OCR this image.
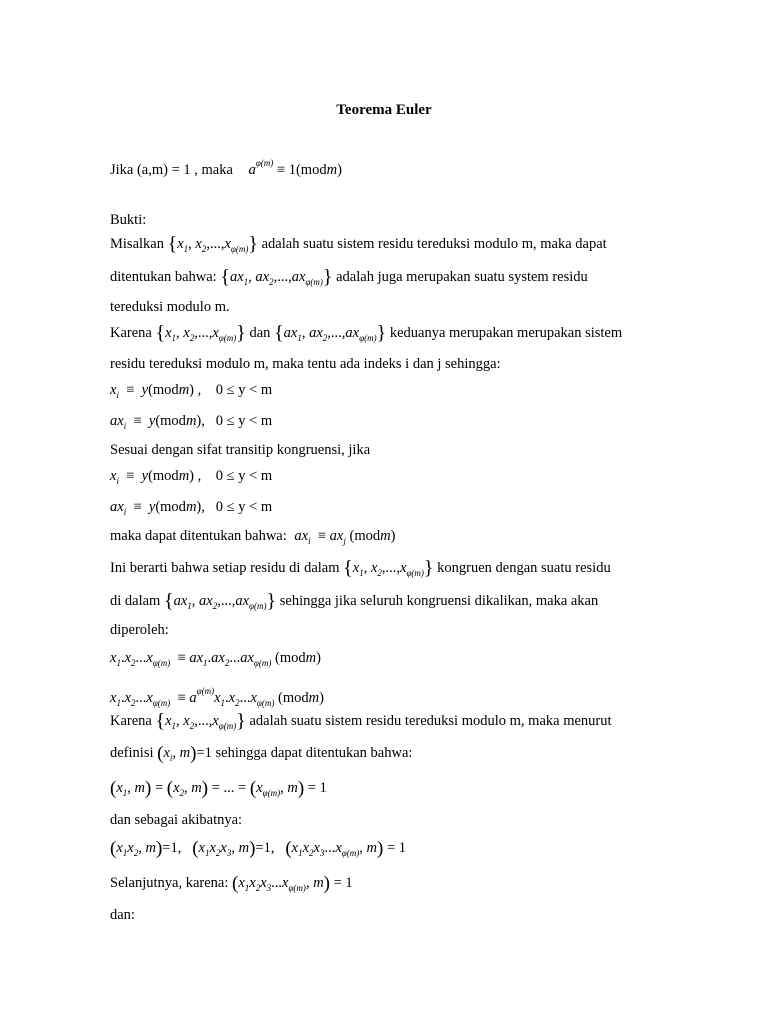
Teorema Euler
Jika (a,m) = 1 , maka $a^{\varphi(m)}$ ≡ 1(modm)
Bukti:
Misalkan {$x_1$, $x_2,...,x_{\varphi(m)}$} adalah suatu sistem residu tereduksi modulo m, maka dapat
ditentukan bahwa: {$ax_1$, $ax_2,...,ax_{\varphi(m)}$} adalah juga merupakan suatu system residu
tereduksi modulo m.
Karena {$x_1$, $x_2,...,x_{\varphi(m)}$} dan {$ax_1$, $ax_2,...,ax_{\varphi(m)}$} keduanya merupakan merupakan sistem
residu tereduksi modulo m, maka tentu ada indeks i dan j sehingga:
$x_i$  ≡  y(modm) ,    0 ≤ y < m
$ax_i$  ≡  y(modm),   0 ≤ y < m
Sesuai dengan sifat transitip kongruensi, jika
$x_i$  ≡  y(modm) ,    0 ≤ y < m
$ax_i$  ≡  y(modm),   0 ≤ y < m
maka dapat ditentukan bahwa: $ax_i \equiv ax_j$ (modm)
Ini berarti bahwa setiap residu di dalam {$x_1$, $x_2,...,x_{\varphi(m)}$} kongruen dengan suatu residu
di dalam {$ax_1$, $ax_2,...,ax_{\varphi(m)}$} sehingga jika seluruh kongruensi dikalikan, maka akan
diperoleh:
$x_1.x_2...x_{\varphi(m)} \equiv ax_1.ax_2...ax_{\varphi(m)}$ (modm)
$x_1.x_2...x_{\varphi(m)} \equiv a^{\varphi(m)}x_1.x_2...x_{\varphi(m)}$ (modm)
Karena {$x_1$, $x_2,...,x_{\varphi(m)}$} adalah suatu sistem residu tereduksi modulo m, maka menurut
definisi ($x_i$, m)=1 sehingga dapat ditentukan bahwa:
($x_1$, $m) = (x_2$, m) = ... = ($x_{\varphi(m)}$, m) = 1
dan sebagai akibatnya:
($x_1x_2$, m)=1,   ($x_1x_2x_3$, m)=1,   ($x_1x_2x_3...x_{\varphi(m)}$, m) = 1
Selanjutnya, karena: ($x_1x_2x_3...x_{\varphi(m)}$, m) = 1
dan:
